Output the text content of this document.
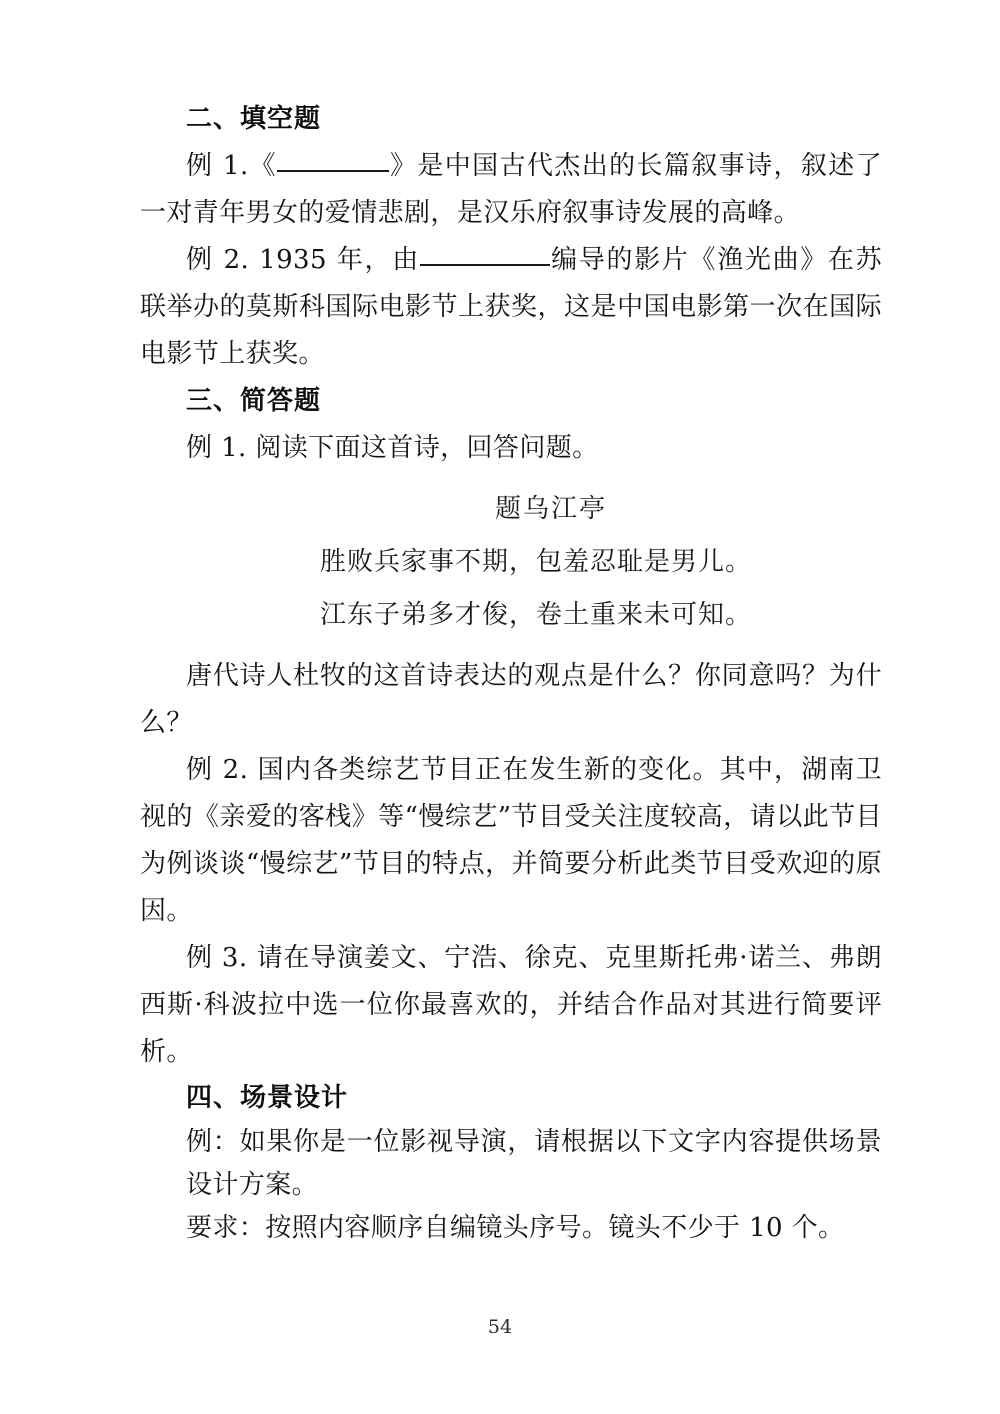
二、填空题

例 1.《	》是中国古代杰出的长篇叙事诗，叙述了一对青年男女的爱情悲剧，是汉乐府叙事诗发展的高峰。

例 2. 1935 年，由	编导的影片《渔光曲》在苏联举办的莫斯科国际电影节上获奖，这是中国电影第一次在国际电影节上获奖。

三、简答题

例 1. 阅读下面这首诗，回答问题。

题乌江亭

胜败兵家事不期，包羞忍耻是男儿。

江东子弟多才俊，卷土重来未可知。

唐代诗人杜牧的这首诗表达的观点是什么？你同意吗？为什么？

例 2. 国内各类综艺节目正在发生新的变化。其中，湖南卫视的《亲爱的客栈》等“慢综艺”节目受关注度较高，请以此节目为例谈谈“慢综艺”节目的特点，并简要分析此类节目受欢迎的原因。

例 3. 请在导演姜文、宁浩、徐克、克里斯托弗·诺兰、弗朗西斯·科波拉中选一位你最喜欢的，并结合作品对其进行简要评析。

四、场景设计

例：如果你是一位影视导演，请根据以下文字内容提供场景设计方案。

要求：按照内容顺序自编镜头序号。镜头不少于 10 个。

54
